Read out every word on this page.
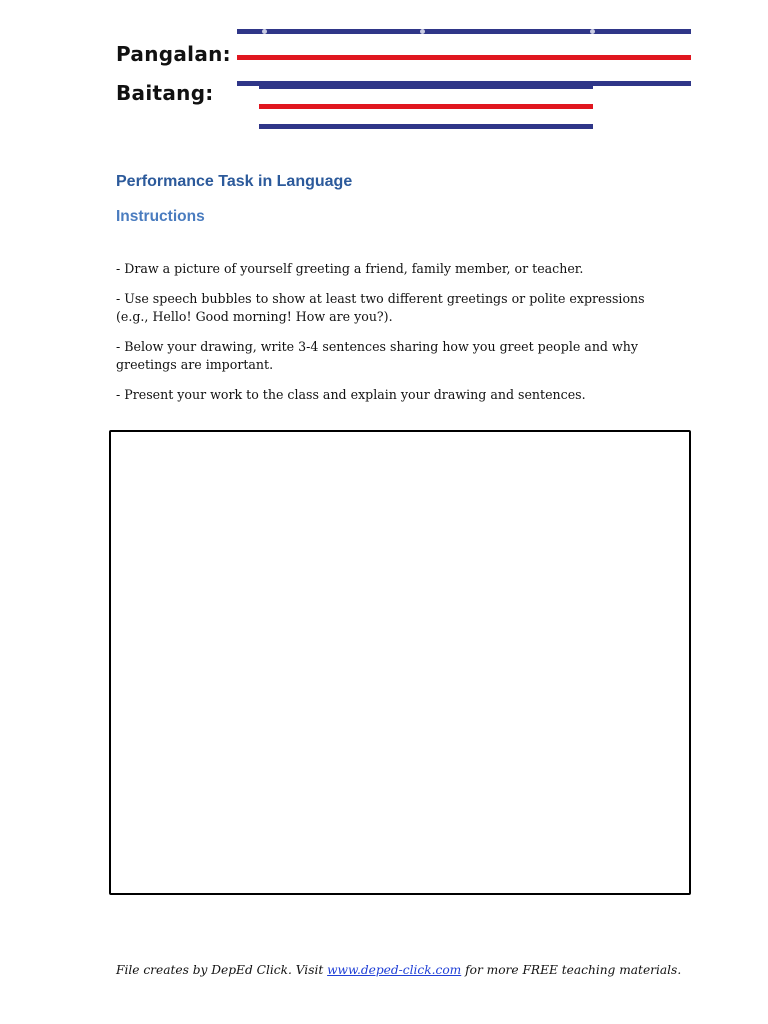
Pangalan:

Baitang:

Performance Task in Language
Instructions
- Draw a picture of yourself greeting a friend, family member, or teacher.
- Use speech bubbles to show at least two different greetings or polite expressions (e.g., Hello! Good morning! How are you?).
- Below your drawing, write 3-4 sentences sharing how you greet people and why greetings are important.
- Present your work to the class and explain your drawing and sentences.

File creates by DepEd Click. Visit www.deped-click.com for more FREE teaching materials.
